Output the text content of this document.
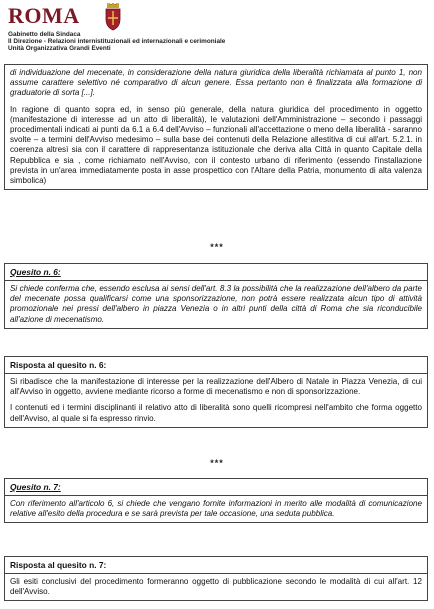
ROMA
Gabinetto della Sindaca
II Direzione - Relazioni internistituzionali ed internazionali e cerimoniale
Unità Organizzativa Grandi Eventi

di individuazione del mecenate, in considerazione della natura giuridica della liberalità richiamata al punto 1, non assume carattere selettivo né comparativo di alcun genere. Essa pertanto non è finalizzata alla formazione di graduatorie di sorta [...].

In ragione di quanto sopra ed, in senso più generale, della natura giuridica del procedimento in oggetto (manifestazione di interesse ad un atto di liberalità), le valutazioni dell'Amministrazione – secondo i passaggi procedimentali indicati ai punti da 6.1 a 6.4 dell'Avviso – funzionali all'accettazione o meno della liberalità - saranno svolte – a termini dell'Avviso medesimo – sulla base dei contenuti della Relazione allestitiva di cui all'art. 5.2.1. in coerenza altresì sia con il carattere di rappresentanza istituzionale che deriva alla Città in quanto Capitale della Repubblica e sia , come richiamato nell'Avviso, con il contesto urbano di riferimento (essendo l'installazione prevista in un'area immediatamente posta in asse prospettico con l'Altare della Patria, monumento di alta valenza simbolica)

***
Quesito n. 6:

Si chiede conferma che, essendo esclusa ai sensi dell'art. 8.3 la possibilità che la realizzazione dell'albero da parte del mecenate possa qualificarsi come una sponsorizzazione, non potrà essere realizzata alcun tipo di attività promozionale nei pressi dell'albero in piazza Venezia o in altri punti della città di Roma che sia riconducibile all'azione di mecenatismo.

Risposta al quesito n. 6:

Si ribadisce che la manifestazione di interesse per la realizzazione dell'Albero di Natale in Piazza Venezia, di cui all'Avviso in oggetto, avviene mediante ricorso a forme di mecenatismo e non di sponsorizzazione.

I contenuti ed i termini disciplinanti il relativo atto di liberalità sono quelli ricompresi nell'ambito che forma oggetto dell'Avviso, al quale si fa espresso rinvio.

***
Quesito n. 7:

Con riferimento all'articolo 6, si chiede che vengano fornite informazioni in merito alle modalità di comunicazione relative all'esito della procedura e se sarà prevista per tale occasione, una seduta pubblica.

Risposta al quesito n. 7:

Gli esiti conclusivi del procedimento formeranno oggetto di pubblicazione secondo le modalità di cui all'art. 12 dell'Avviso.
